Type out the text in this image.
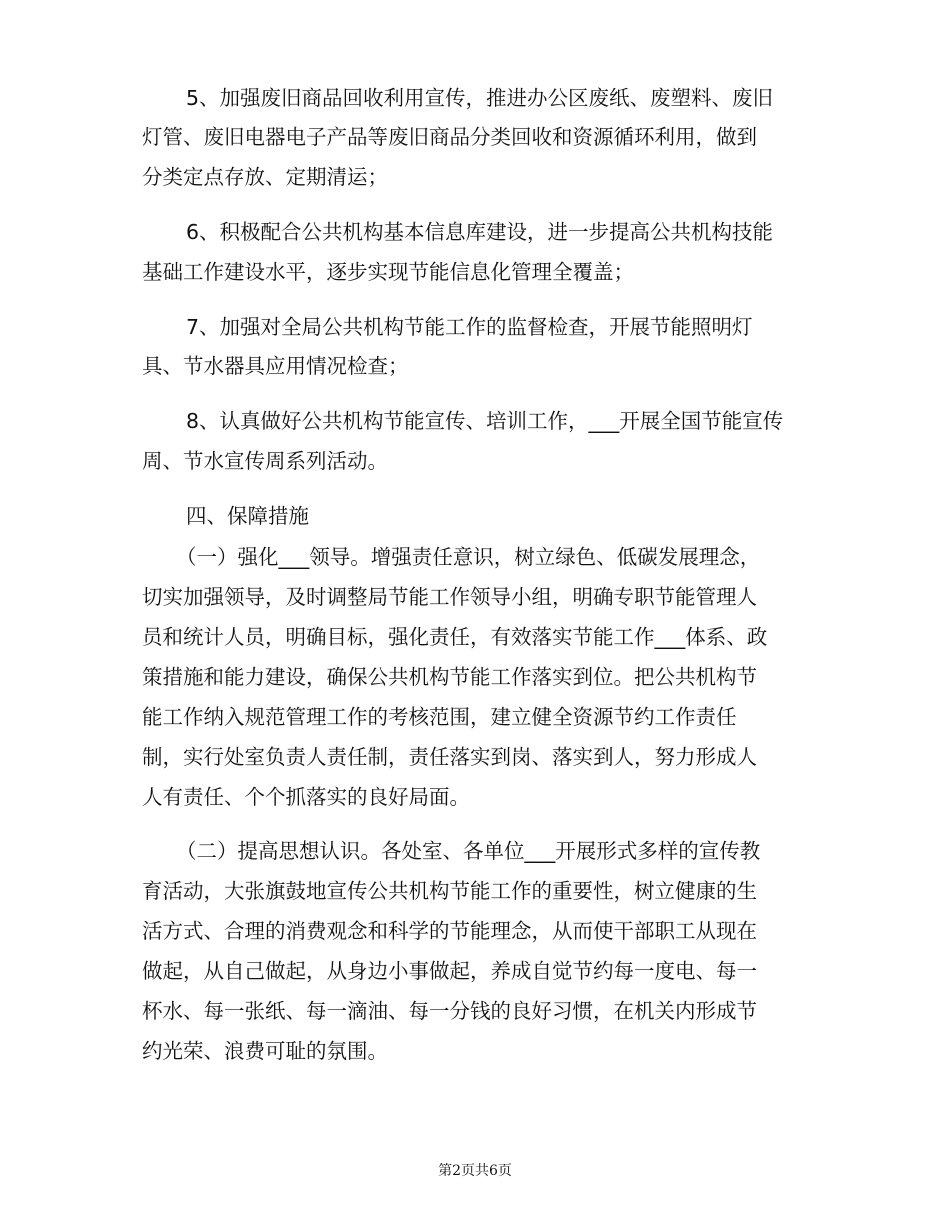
5、加强废旧商品回收利用宣传，推进办公区废纸、废塑料、废旧
灯管、废旧电器电子产品等废旧商品分类回收和资源循环利用，做到
分类定点存放、定期清运；
6、积极配合公共机构基本信息库建设，进一步提高公共机构技能
基础工作建设水平，逐步实现节能信息化管理全覆盖；
7、加强对全局公共机构节能工作的监督检查，开展节能照明灯
具、节水器具应用情况检查；
8、认真做好公共机构节能宣传、培训工作，___开展全国节能宣传
周、节水宣传周系列活动。
四、保障措施
（一）强化___领导。增强责任意识，树立绿色、低碳发展理念，
切实加强领导，及时调整局节能工作领导小组，明确专职节能管理人
员和统计人员，明确目标，强化责任，有效落实节能工作___体系、政
策措施和能力建设，确保公共机构节能工作落实到位。把公共机构节
能工作纳入规范管理工作的考核范围，建立健全资源节约工作责任
制，实行处室负责人责任制，责任落实到岗、落实到人，努力形成人
人有责任、个个抓落实的良好局面。
（二）提高思想认识。各处室、各单位___开展形式多样的宣传教
育活动，大张旗鼓地宣传公共机构节能工作的重要性，树立健康的生
活方式、合理的消费观念和科学的节能理念，从而使干部职工从现在
做起，从自己做起，从身边小事做起，养成自觉节约每一度电、每一
杯水、每一张纸、每一滴油、每一分钱的良好习惯，在机关内形成节
约光荣、浪费可耻的氛围。
第2页共6页
